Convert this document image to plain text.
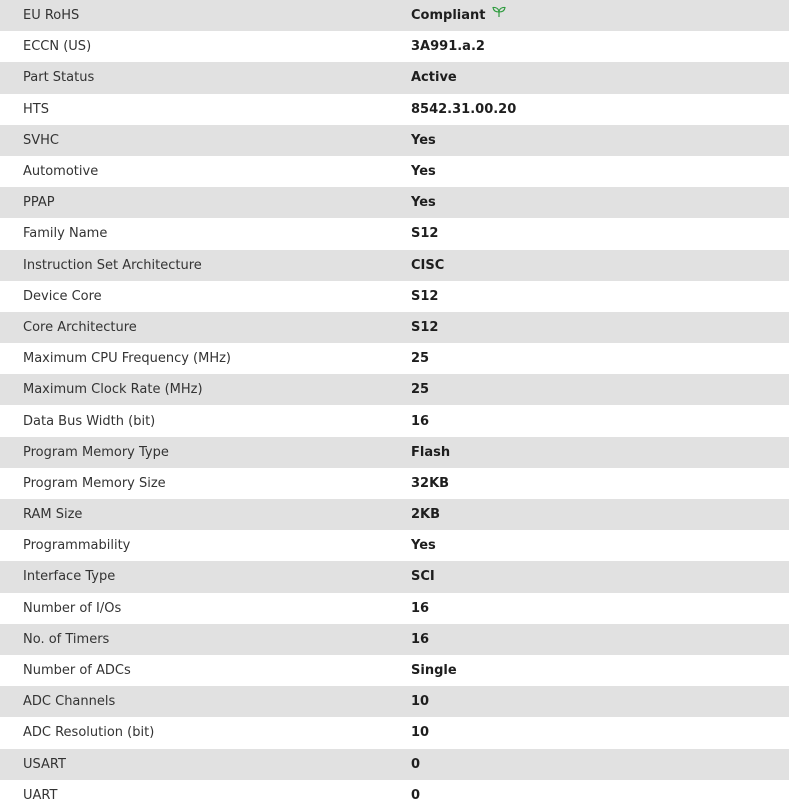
EU RoHS	Compliant
ECCN (US)	3A991.a.2
Part Status	Active
HTS	8542.31.00.20
SVHC	Yes
Automotive	Yes
PPAP	Yes
Family Name	S12
Instruction Set Architecture	CISC
Device Core	S12
Core Architecture	S12
Maximum CPU Frequency (MHz)	25
Maximum Clock Rate (MHz)	25
Data Bus Width (bit)	16
Program Memory Type	Flash
Program Memory Size	32KB
RAM Size	2KB
Programmability	Yes
Interface Type	SCI
Number of I/Os	16
No. of Timers	16
Number of ADCs	Single
ADC Channels	10
ADC Resolution (bit)	10
USART	0
UART	0
